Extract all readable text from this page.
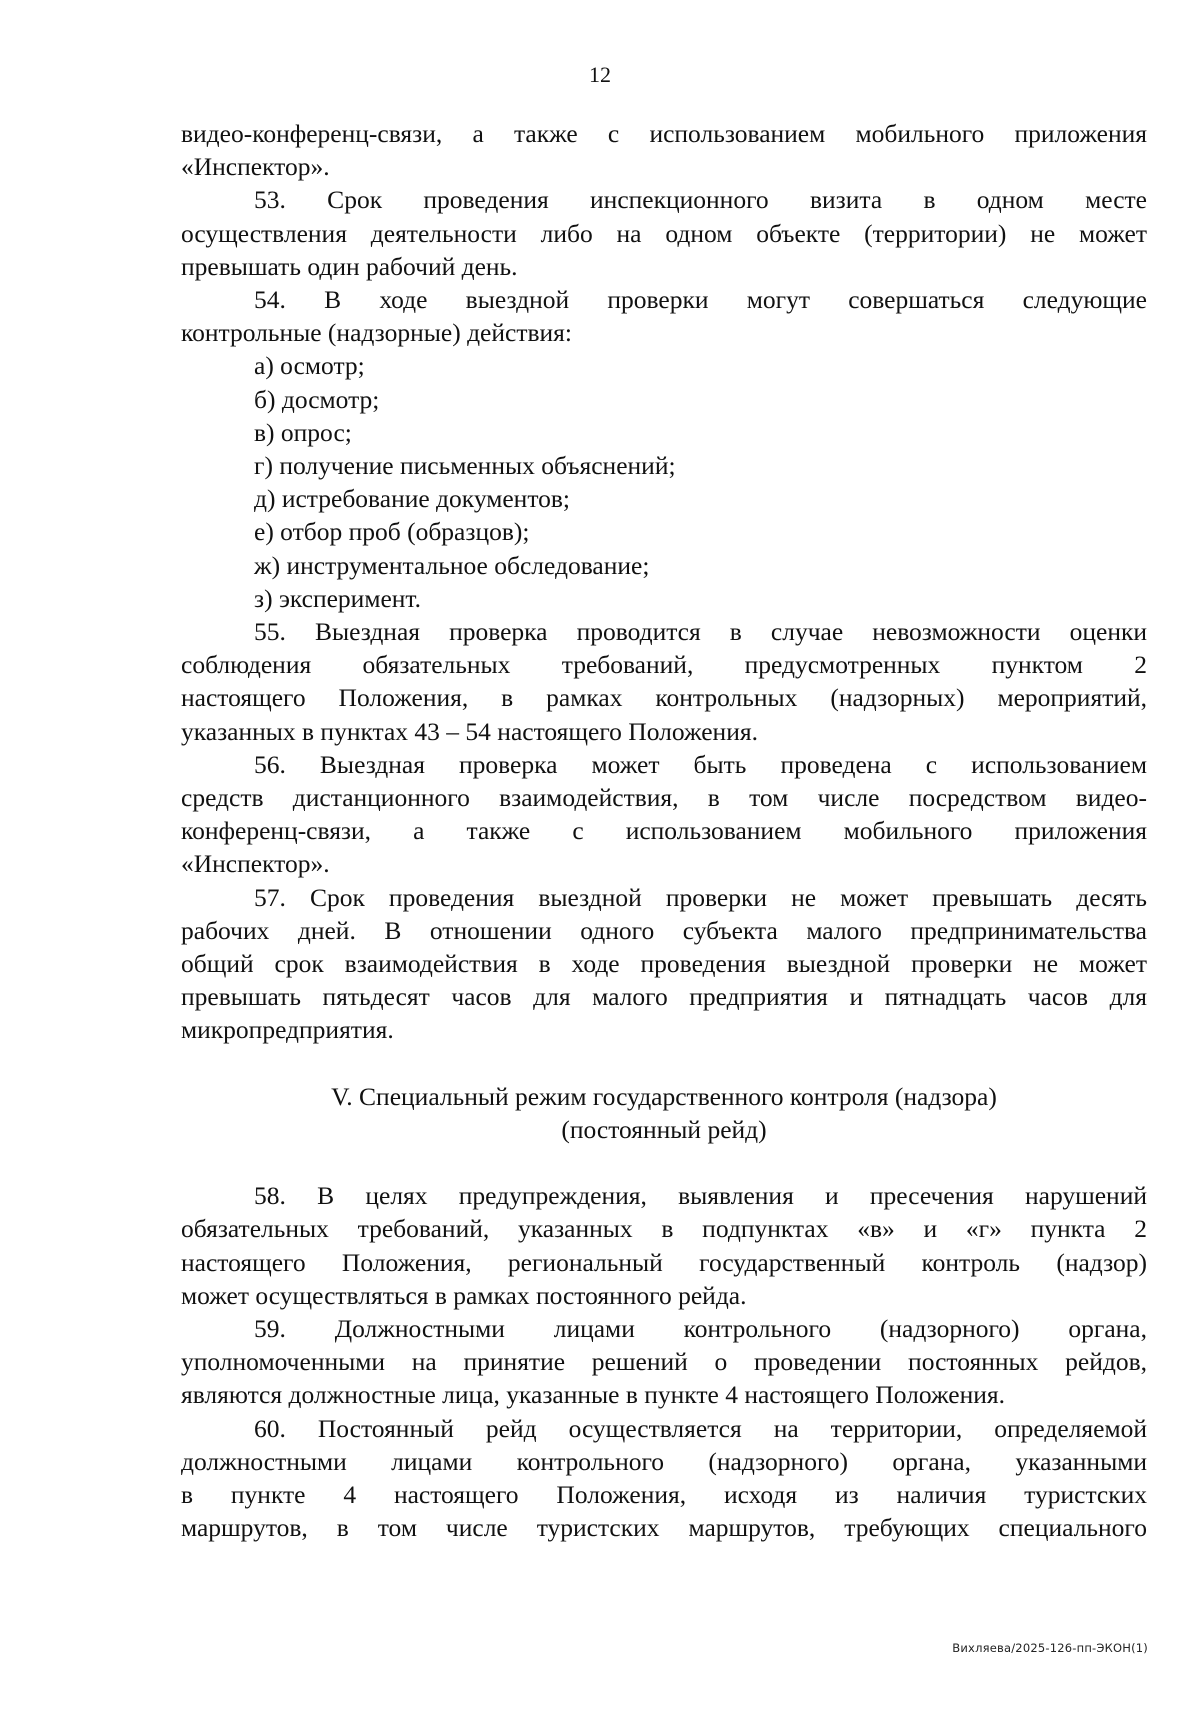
12
видео-конференц-связи, а также с использованием мобильного приложения
«Инспектор».
53. Срок проведения инспекционного визита в одном месте
осуществления деятельности либо на одном объекте (территории) не может
превышать один рабочий день.
54. В ходе выездной проверки могут совершаться следующие
контрольные (надзорные) действия:
а) осмотр;
б) досмотр;
в) опрос;
г) получение письменных объяснений;
д) истребование документов;
е) отбор проб (образцов);
ж) инструментальное обследование;
з) эксперимент.
55. Выездная проверка проводится в случае невозможности оценки
соблюдения обязательных требований, предусмотренных пунктом 2
настоящего Положения, в рамках контрольных (надзорных) мероприятий,
указанных в пунктах 43 – 54 настоящего Положения.
56. Выездная проверка может быть проведена с использованием
средств дистанционного взаимодействия, в том числе посредством видео-
конференц-связи, а также с использованием мобильного приложения
«Инспектор».
57. Срок проведения выездной проверки не может превышать десять
рабочих дней. В отношении одного субъекта малого предпринимательства
общий срок взаимодействия в ходе проведения выездной проверки не может
превышать пятьдесят часов для малого предприятия и пятнадцать часов для
микропредприятия.
V. Специальный режим государственного контроля (надзора)
(постоянный рейд)
58. В целях предупреждения, выявления и пресечения нарушений
обязательных требований, указанных в подпунктах «в» и «г» пункта 2
настоящего Положения, региональный государственный контроль (надзор)
может осуществляться в рамках постоянного рейда.
59. Должностными лицами контрольного (надзорного) органа,
уполномоченными на принятие решений о проведении постоянных рейдов,
являются должностные лица, указанные в пункте 4 настоящего Положения.
60. Постоянный рейд осуществляется на территории, определяемой
должностными лицами контрольного (надзорного) органа, указанными
в пункте 4 настоящего Положения, исходя из наличия туристских
маршрутов, в том числе туристских маршрутов, требующих специального
Вихляева/2025-126-пп-ЭКОН(1)
